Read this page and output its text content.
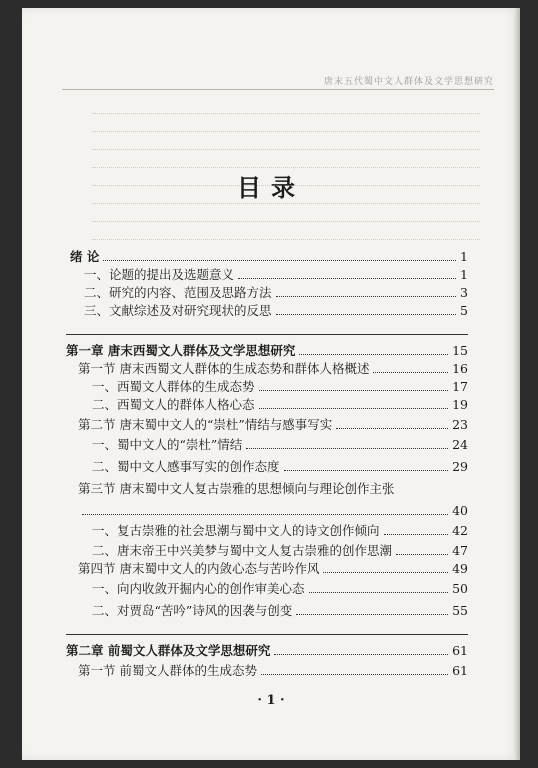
唐末五代蜀中文人群体及文学思想研究
目录
绪 论	1
一、论题的提出及选题意义	1
二、研究的内容、范围及思路方法	3
三、文献综述及对研究现状的反思	5
第一章 唐末西蜀文人群体及文学思想研究	15
第一节 唐末西蜀文人群体的生成态势和群体人格概述	16
一、西蜀文人群体的生成态势	17
二、西蜀文人的群体人格心态	19
第二节 唐末蜀中文人的“崇杜”情结与感事写实	23
一、蜀中文人的“崇杜”情结	24
二、蜀中文人感事写实的创作态度	29
第三节 唐末蜀中文人复古崇雅的思想倾向与理论创作主张
40
一、复古崇雅的社会思潮与蜀中文人的诗文创作倾向	42
二、唐末帝王中兴美梦与蜀中文人复古崇雅的创作思潮	47
第四节 唐末蜀中文人的内敛心态与苦吟作风	49
一、向内收敛开掘内心的创作审美心态	50
二、对贾岛“苦吟”诗风的因袭与创变	55
第二章 前蜀文人群体及文学思想研究	61
第一节 前蜀文人群体的生成态势	61
· 1 ·
